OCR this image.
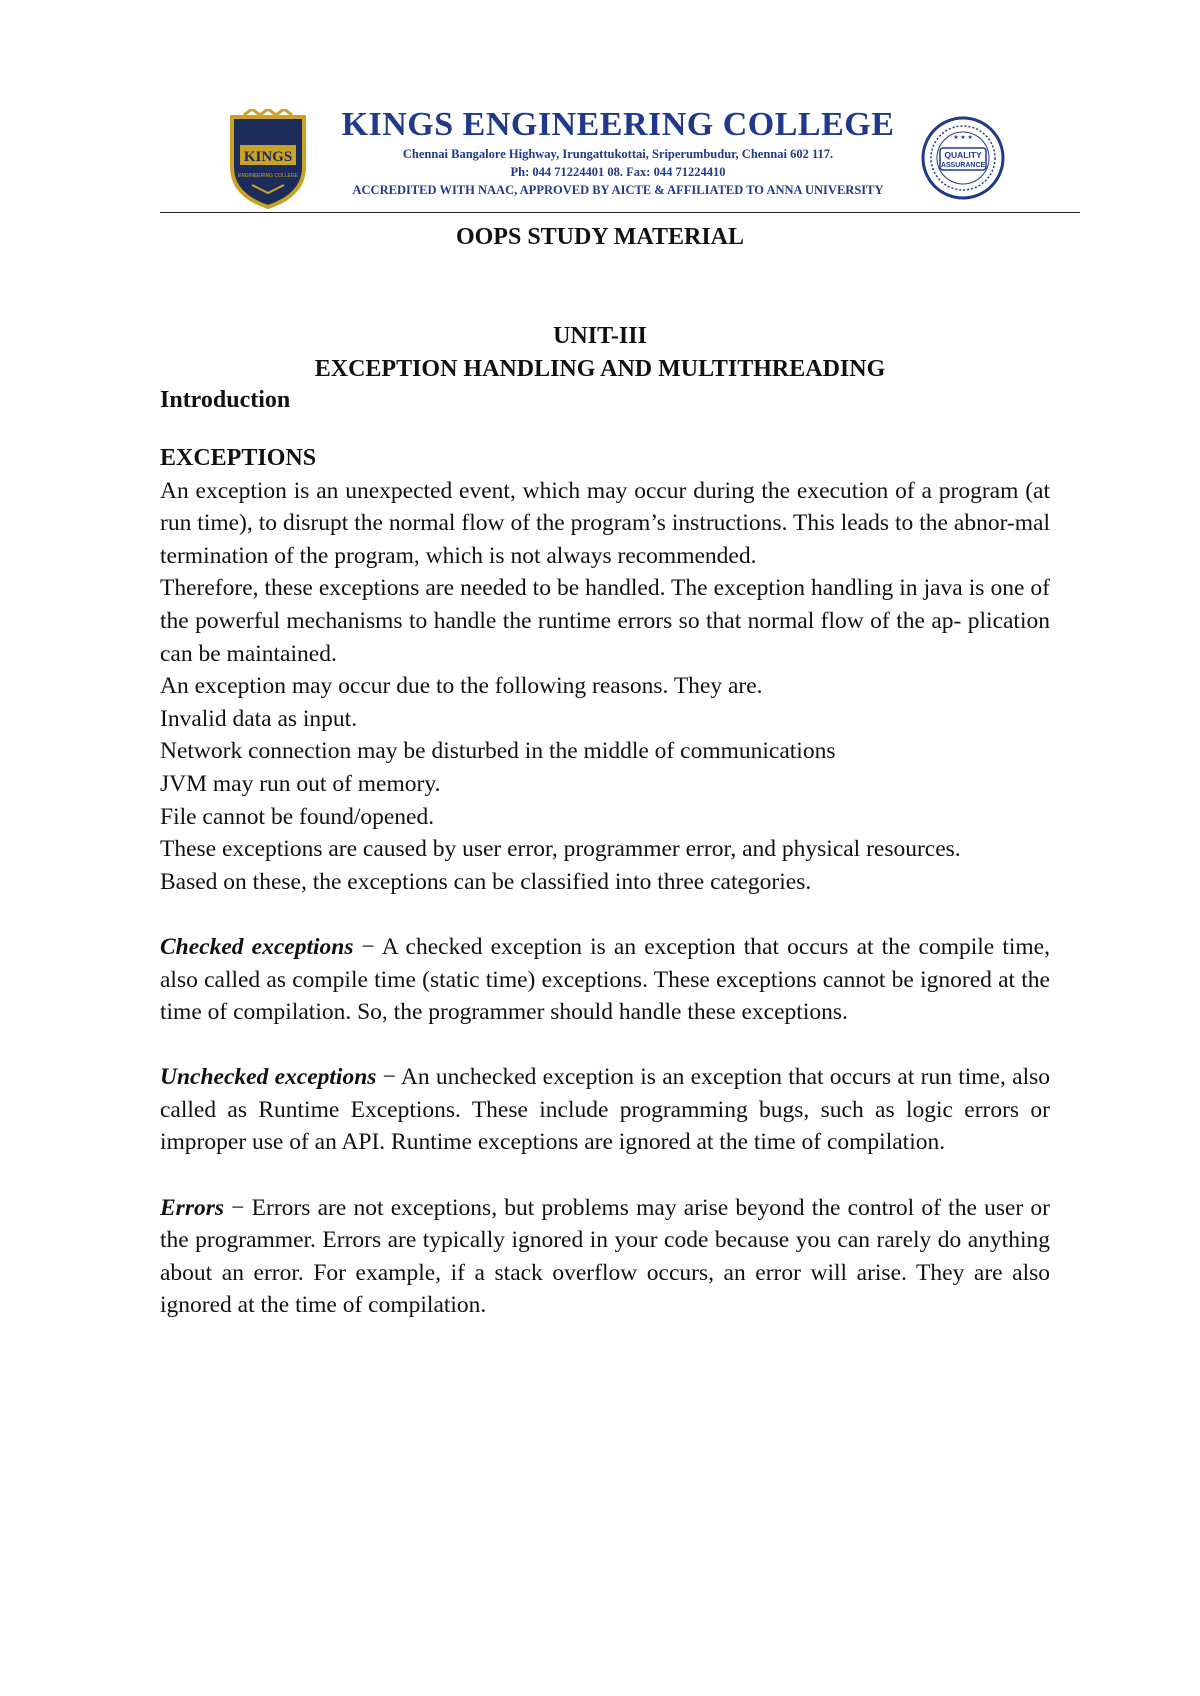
KINGS
ENGINEERING COLLEGE
KINGS ENGINEERING COLLEGE
Chennai Bangalore Highway, Irungattukottai, Sriperumbudur, Chennai 602 117.
Ph: 044 71224401 08. Fax: 044 71224410
ACCREDITED WITH NAAC, APPROVED BY AICTE & AFFILIATED TO ANNA UNIVERSITY
QUALITY
ASSURANCE
★ ★ ★
OOPS STUDY MATERIAL
UNIT-III
EXCEPTION HANDLING AND MULTITHREADING
Introduction
EXCEPTIONS

An exception is an unexpected event, which may occur during the execution of a program (at run time), to disrupt the normal flow of the program’s instructions. This leads to the abnor-mal termination of the program, which is not always recommended.

Therefore, these exceptions are needed to be handled. The exception handling in java is one of the powerful mechanisms to handle the runtime errors so that normal flow of the ap- plication can be maintained.

An exception may occur due to the following reasons. They are.

Invalid data as input.

Network connection may be disturbed in the middle of communications

JVM may run out of memory.

File cannot be found/opened.

These exceptions are caused by user error, programmer error, and physical resources.

Based on these, the exceptions can be classified into three categories.

Checked exceptions − A checked exception is an exception that occurs at the compile time, also called as compile time (static time) exceptions. These exceptions cannot be ignored at the time of compilation. So, the programmer should handle these exceptions.

Unchecked exceptions − An unchecked exception is an exception that occurs at run time, also called as Runtime Exceptions. These include programming bugs, such as logic errors or improper use of an API. Runtime exceptions are ignored at the time of compilation.

Errors − Errors are not exceptions, but problems may arise beyond the control of the user or the programmer. Errors are typically ignored in your code because you can rarely do anything about an error. For example, if a stack overflow occurs, an error will arise. They are also ignored at the time of compilation.
